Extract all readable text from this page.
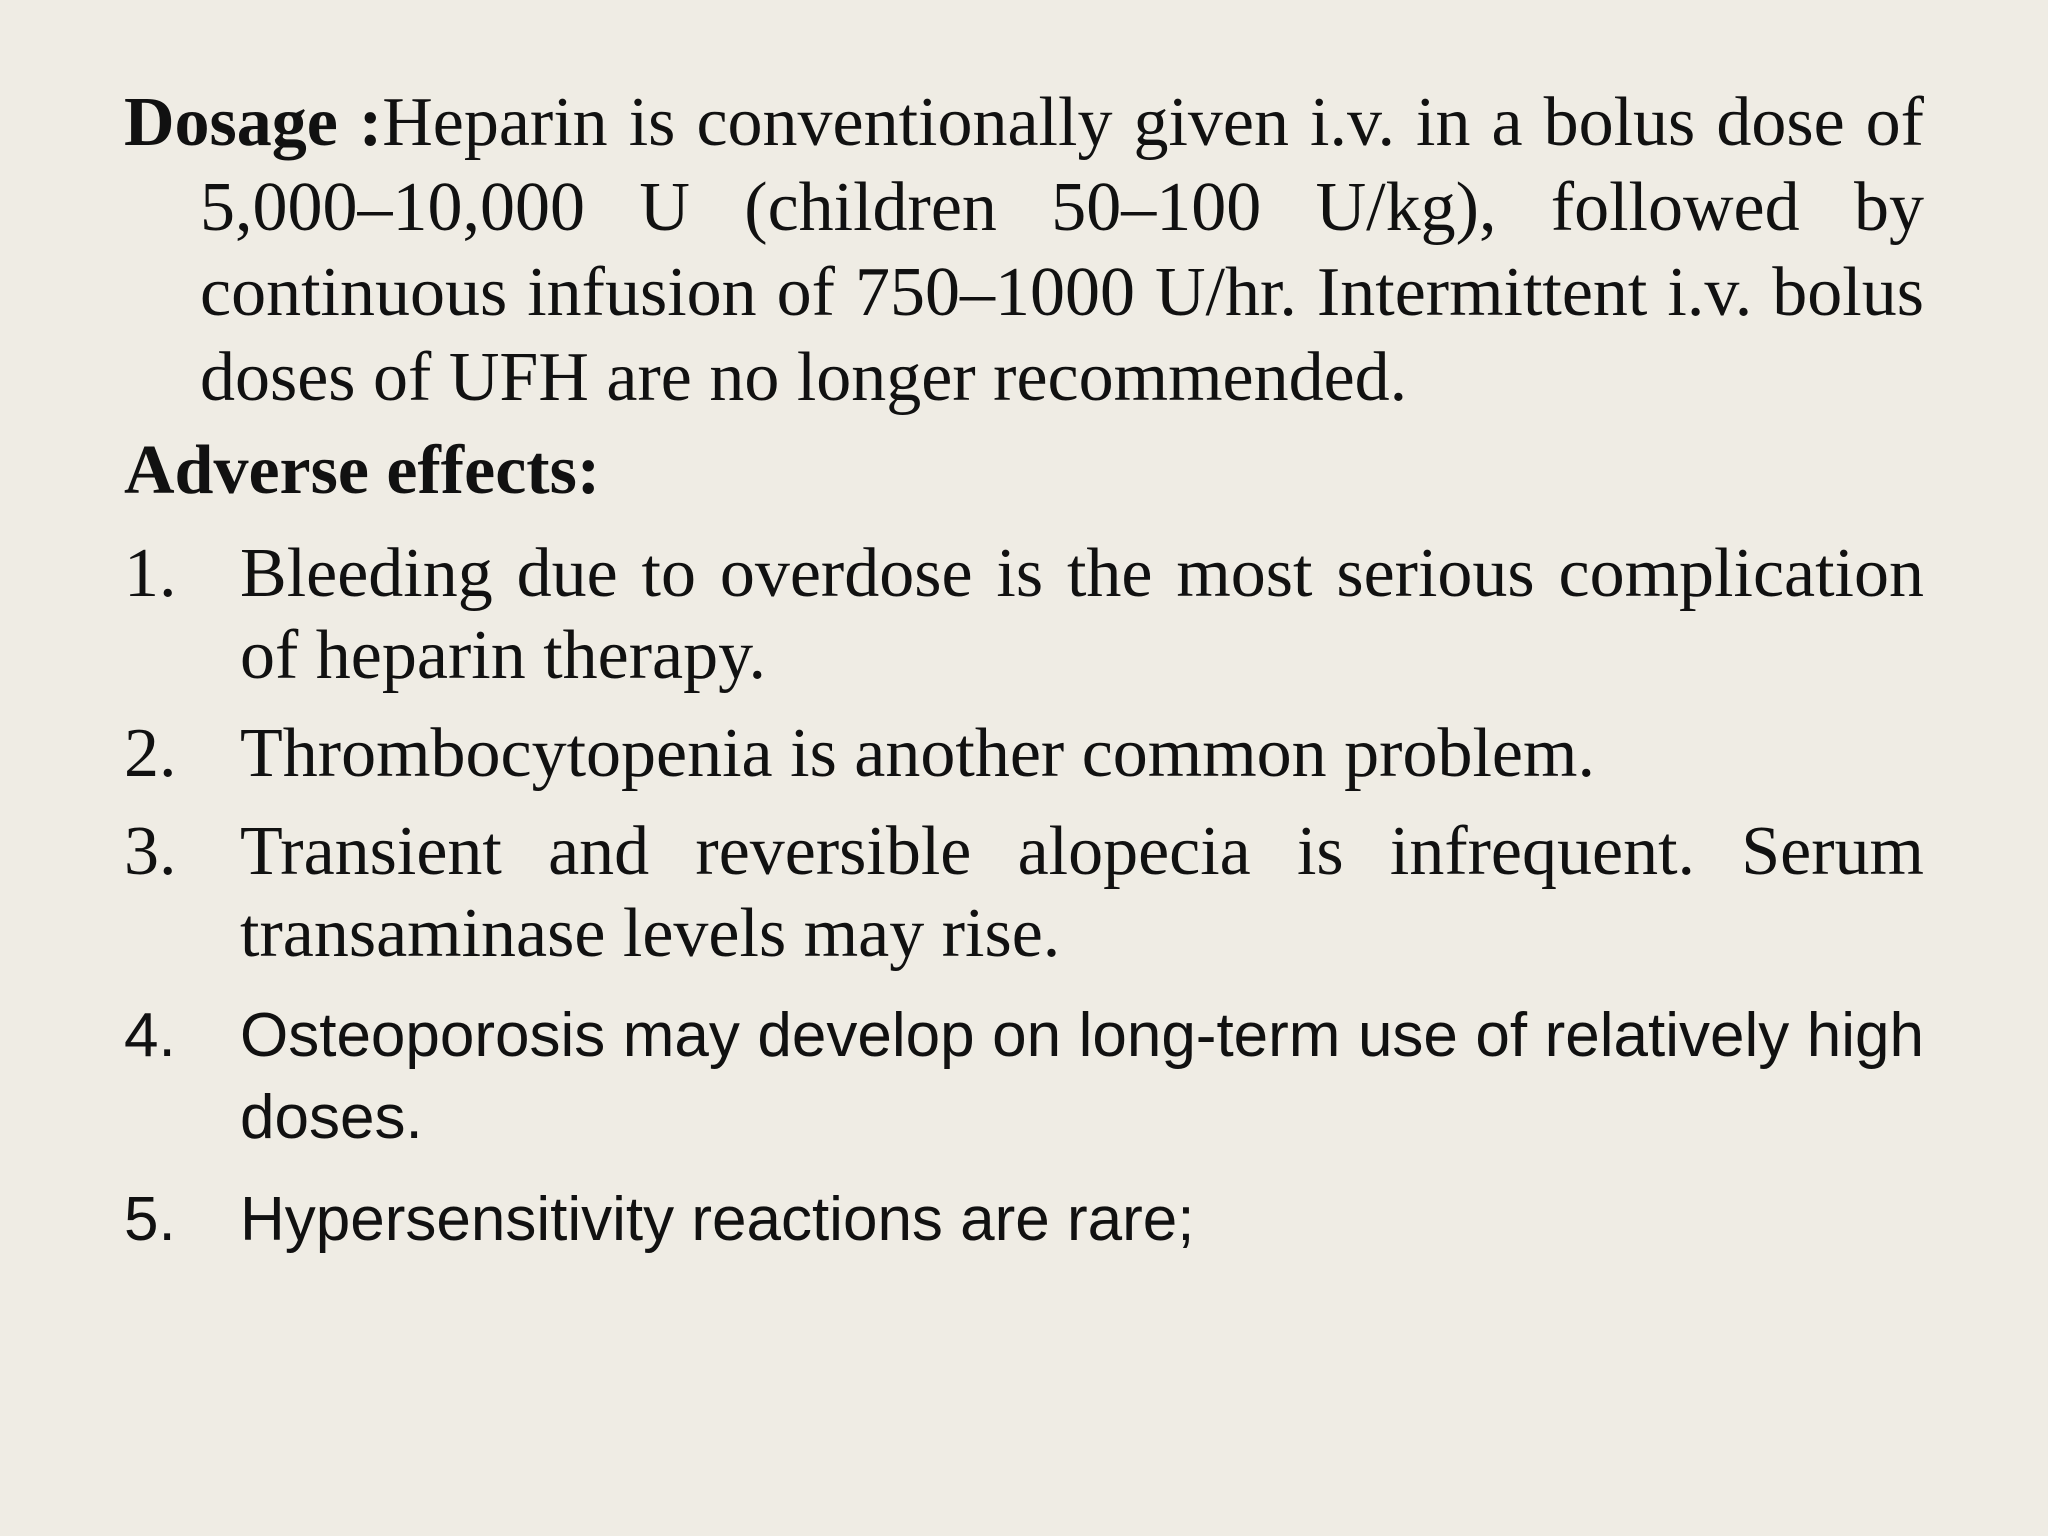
Dosage :Heparin is conventionally given i.v. in a bolus dose of 5,000–10,000 U (children 50–100 U/kg), followed by continuous infusion of 750–1000 U/hr. Intermittent i.v. bolus doses of UFH are no longer recommended.

Adverse effects:
1. Bleeding due to overdose is the most serious complication of heparin therapy.
2. Thrombocytopenia is another common problem.
3. Transient and reversible alopecia is infrequent. Serum transaminase levels may rise.
4. Osteoporosis may develop on long-term use of relatively high doses.
5. Hypersensitivity reactions are rare;
